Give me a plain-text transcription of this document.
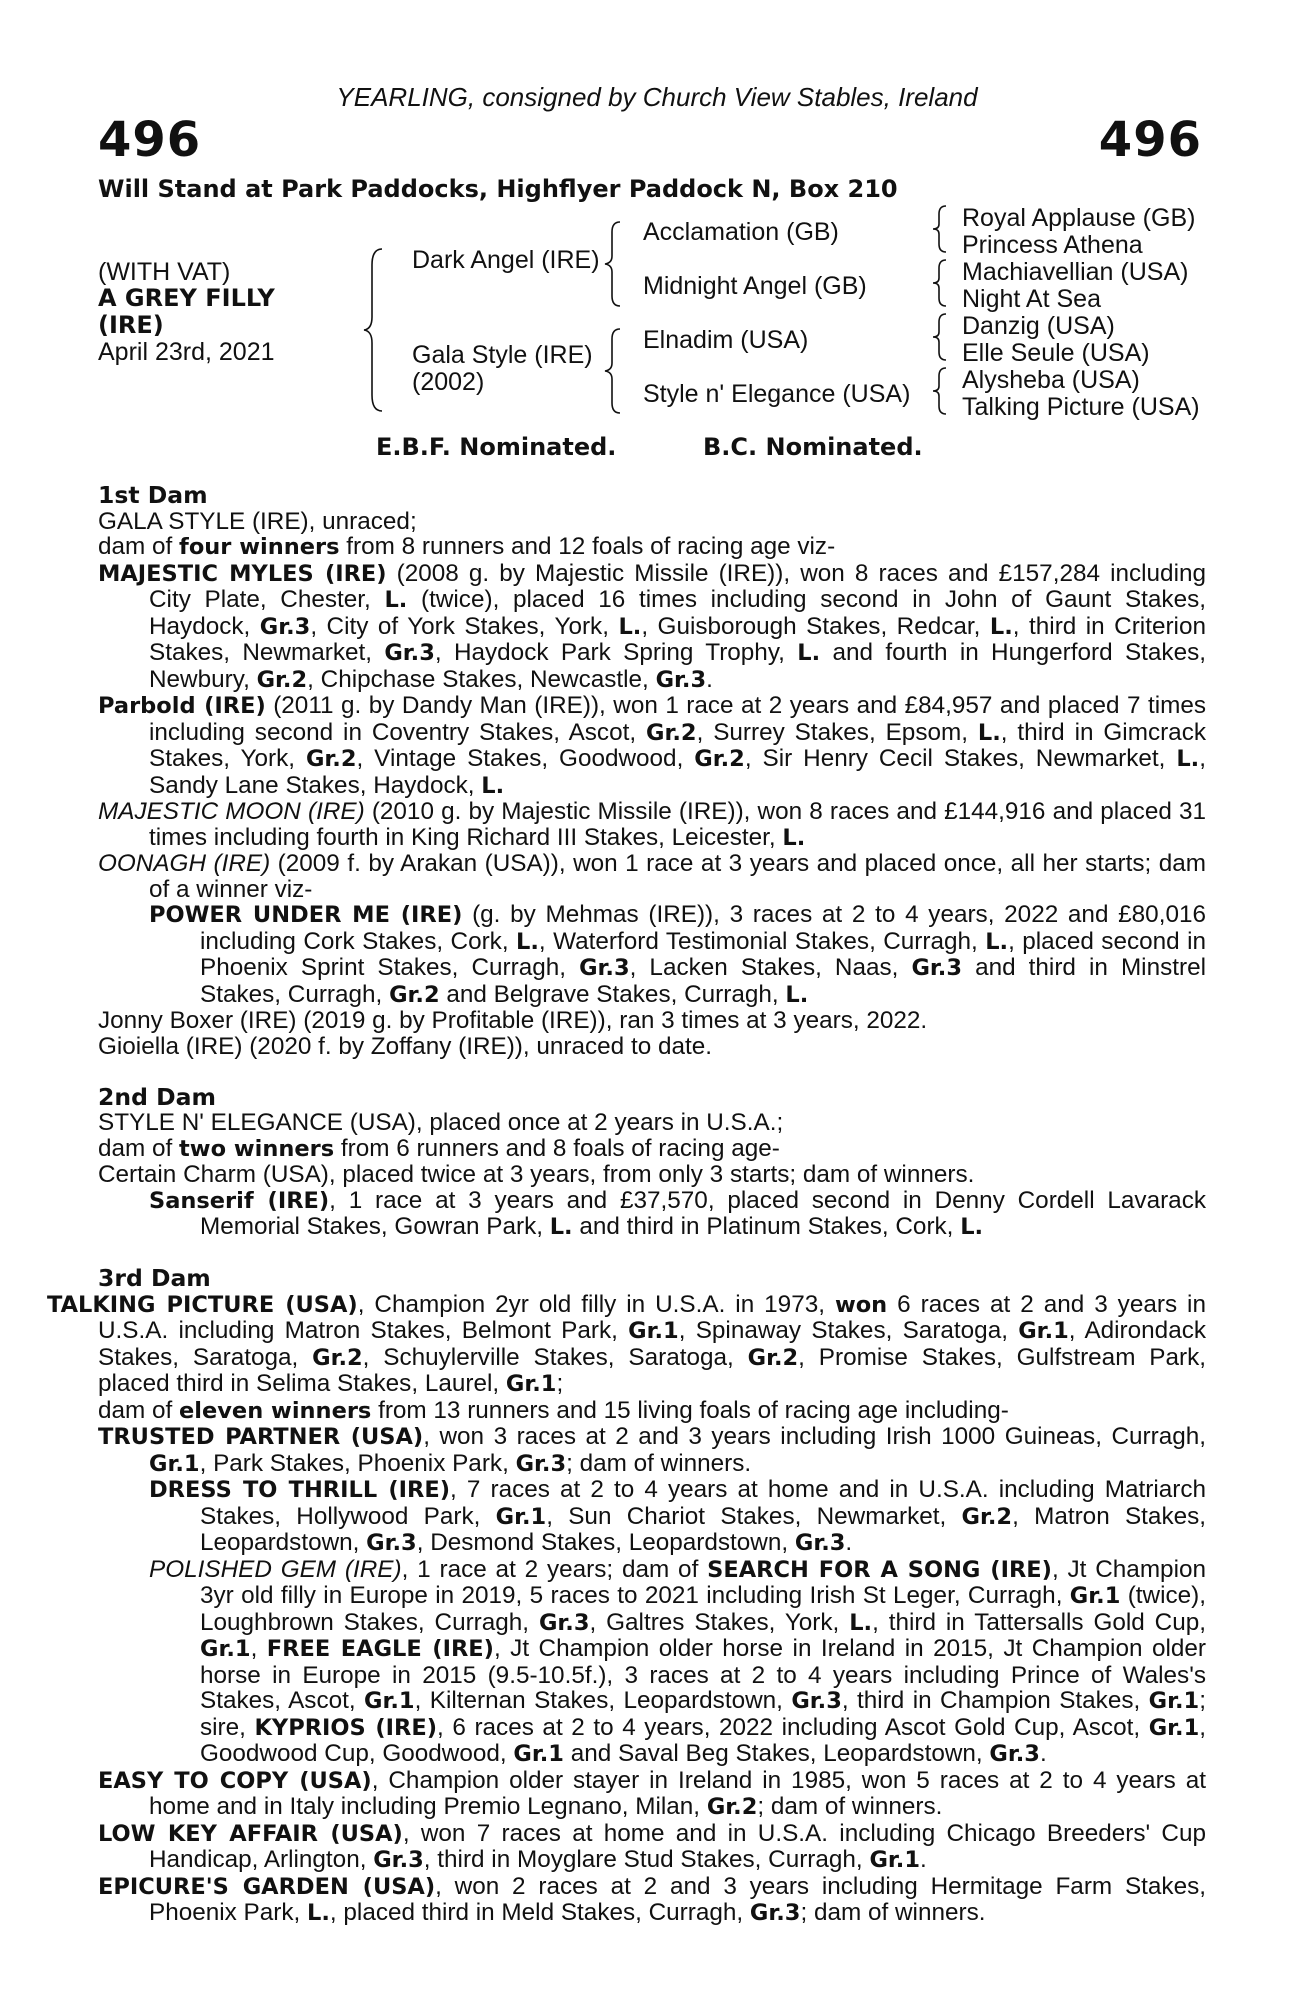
YEARLING, consigned by Church View Stables, Ireland
496	496
Will Stand at Park Paddocks, Highflyer Paddock N, Box 210
(WITH VAT)
A GREY FILLY
(IRE)
April 23rd, 2021
Dark Angel (IRE)
Gala Style (IRE)
(2002)
Acclamation (GB)
Midnight Angel (GB)
Elnadim (USA)
Style n' Elegance (USA)
Royal Applause (GB)
Princess Athena
Machiavellian (USA)
Night At Sea
Danzig (USA)
Elle Seule (USA)
Alysheba (USA)
Talking Picture (USA)
E.B.F. Nominated.	B.C. Nominated.
1st Dam
GALA STYLE (IRE), unraced;
dam of four winners from 8 runners and 12 foals of racing age viz-
MAJESTIC MYLES (IRE) (2008 g. by Majestic Missile (IRE)), won 8 races and £157,284 including City Plate, Chester, L. (twice), placed 16 times including second in John of Gaunt Stakes, Haydock, Gr.3, City of York Stakes, York, L., Guisborough Stakes, Redcar, L., third in Criterion Stakes, Newmarket, Gr.3, Haydock Park Spring Trophy, L. and fourth in Hungerford Stakes, Newbury, Gr.2, Chipchase Stakes, Newcastle, Gr.3.
Parbold (IRE) (2011 g. by Dandy Man (IRE)), won 1 race at 2 years and £84,957 and placed 7 times including second in Coventry Stakes, Ascot, Gr.2, Surrey Stakes, Epsom, L., third in Gimcrack Stakes, York, Gr.2, Vintage Stakes, Goodwood, Gr.2, Sir Henry Cecil Stakes, Newmarket, L., Sandy Lane Stakes, Haydock, L.
MAJESTIC MOON (IRE) (2010 g. by Majestic Missile (IRE)), won 8 races and £144,916 and placed 31 times including fourth in King Richard III Stakes, Leicester, L.
OONAGH (IRE) (2009 f. by Arakan (USA)), won 1 race at 3 years and placed once, all her starts; dam of a winner viz-
POWER UNDER ME (IRE) (g. by Mehmas (IRE)), 3 races at 2 to 4 years, 2022 and £80,016 including Cork Stakes, Cork, L., Waterford Testimonial Stakes, Curragh, L., placed second in Phoenix Sprint Stakes, Curragh, Gr.3, Lacken Stakes, Naas, Gr.3 and third in Minstrel Stakes, Curragh, Gr.2 and Belgrave Stakes, Curragh, L.
Jonny Boxer (IRE) (2019 g. by Profitable (IRE)), ran 3 times at 3 years, 2022.
Gioiella (IRE) (2020 f. by Zoffany (IRE)), unraced to date.
2nd Dam
STYLE N' ELEGANCE (USA), placed once at 2 years in U.S.A.;
dam of two winners from 6 runners and 8 foals of racing age-
Certain Charm (USA), placed twice at 3 years, from only 3 starts; dam of winners.
Sanserif (IRE), 1 race at 3 years and £37,570, placed second in Denny Cordell Lavarack Memorial Stakes, Gowran Park, L. and third in Platinum Stakes, Cork, L.
3rd Dam
TALKING PICTURE (USA), Champion 2yr old filly in U.S.A. in 1973, won 6 races at 2 and 3 years in U.S.A. including Matron Stakes, Belmont Park, Gr.1, Spinaway Stakes, Saratoga, Gr.1, Adirondack Stakes, Saratoga, Gr.2, Schuylerville Stakes, Saratoga, Gr.2, Promise Stakes, Gulfstream Park, placed third in Selima Stakes, Laurel, Gr.1;
dam of eleven winners from 13 runners and 15 living foals of racing age including-
TRUSTED PARTNER (USA), won 3 races at 2 and 3 years including Irish 1000 Guineas, Curragh, Gr.1, Park Stakes, Phoenix Park, Gr.3; dam of winners.
DRESS TO THRILL (IRE), 7 races at 2 to 4 years at home and in U.S.A. including Matriarch Stakes, Hollywood Park, Gr.1, Sun Chariot Stakes, Newmarket, Gr.2, Matron Stakes, Leopardstown, Gr.3, Desmond Stakes, Leopardstown, Gr.3.
POLISHED GEM (IRE), 1 race at 2 years; dam of SEARCH FOR A SONG (IRE), Jt Champion 3yr old filly in Europe in 2019, 5 races to 2021 including Irish St Leger, Curragh, Gr.1 (twice), Loughbrown Stakes, Curragh, Gr.3, Galtres Stakes, York, L., third in Tattersalls Gold Cup, Gr.1, FREE EAGLE (IRE), Jt Champion older horse in Ireland in 2015, Jt Champion older horse in Europe in 2015 (9.5-10.5f.), 3 races at 2 to 4 years including Prince of Wales's Stakes, Ascot, Gr.1, Kilternan Stakes, Leopardstown, Gr.3, third in Champion Stakes, Gr.1; sire, KYPRIOS (IRE), 6 races at 2 to 4 years, 2022 including Ascot Gold Cup, Ascot, Gr.1, Goodwood Cup, Goodwood, Gr.1 and Saval Beg Stakes, Leopardstown, Gr.3.
EASY TO COPY (USA), Champion older stayer in Ireland in 1985, won 5 races at 2 to 4 years at home and in Italy including Premio Legnano, Milan, Gr.2; dam of winners.
LOW KEY AFFAIR (USA), won 7 races at home and in U.S.A. including Chicago Breeders' Cup Handicap, Arlington, Gr.3, third in Moyglare Stud Stakes, Curragh, Gr.1.
EPICURE'S GARDEN (USA), won 2 races at 2 and 3 years including Hermitage Farm Stakes, Phoenix Park, L., placed third in Meld Stakes, Curragh, Gr.3; dam of winners.
